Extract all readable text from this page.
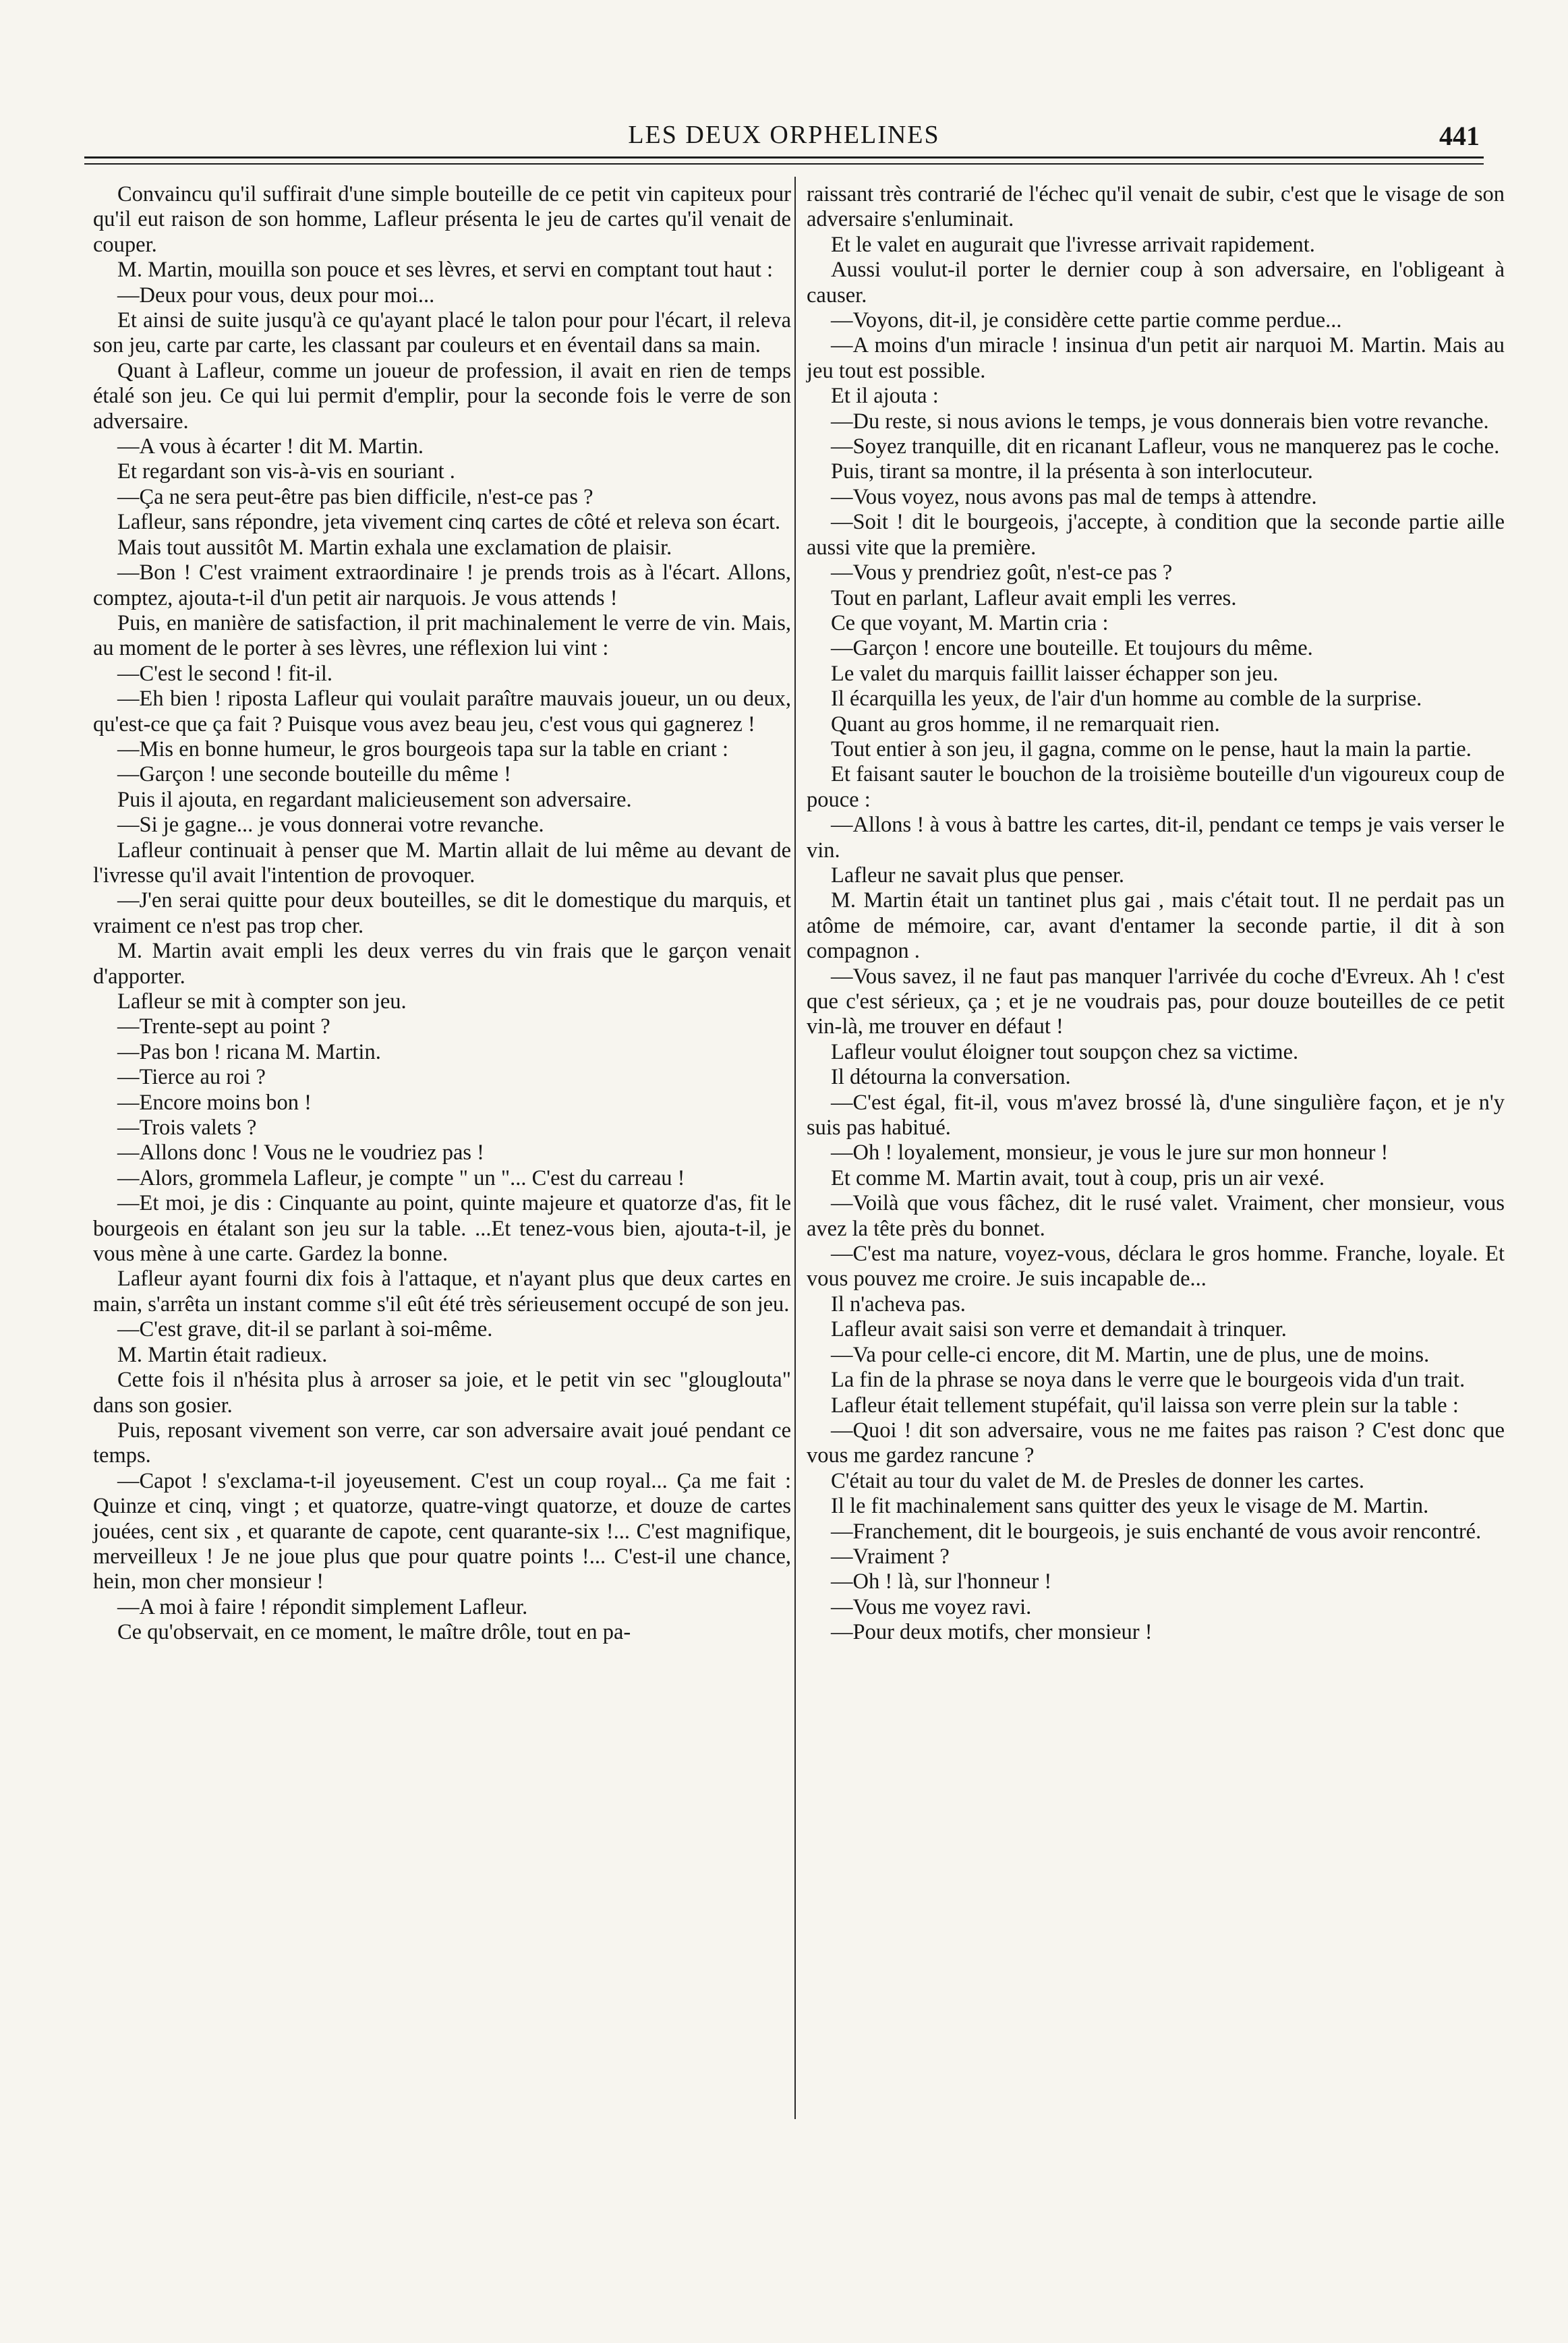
LES DEUX ORPHELINES	441
Convaincu qu'il suffirait d'une simple bouteille de ce petit vin capiteux pour qu'il eut raison de son homme, Lafleur présenta le jeu de cartes qu'il venait de couper.
M. Martin, mouilla son pouce et ses lèvres, et servi en comptant tout haut :
—Deux pour vous, deux pour moi...
Et ainsi de suite jusqu'à ce qu'ayant placé le talon pour pour l'écart, il releva son jeu, carte par carte, les classant par couleurs et en éventail dans sa main.
Quant à Lafleur, comme un joueur de profession, il avait en rien de temps étalé son jeu. Ce qui lui permit d'emplir, pour la seconde fois le verre de son adversaire.
—A vous à écarter ! dit M. Martin.
Et regardant son vis-à-vis en souriant .
—Ça ne sera peut-être pas bien difficile, n'est-ce pas ?
Lafleur, sans répondre, jeta vivement cinq cartes de côté et releva son écart.
Mais tout aussitôt M. Martin exhala une exclamation de plaisir.
—Bon ! C'est vraiment extraordinaire ! je prends trois as à l'écart. Allons, comptez, ajouta-t-il d'un petit air narquois. Je vous attends !
Puis, en manière de satisfaction, il prit machinalement le verre de vin. Mais, au moment de le porter à ses lèvres, une réflexion lui vint :
—C'est le second ! fit-il.
—Eh bien ! riposta Lafleur qui voulait paraître mauvais joueur, un ou deux, qu'est-ce que ça fait ? Puisque vous avez beau jeu, c'est vous qui gagnerez !
—Mis en bonne humeur, le gros bourgeois tapa sur la table en criant :
—Garçon ! une seconde bouteille du même !
Puis il ajouta, en regardant malicieusement son adversaire.
—Si je gagne... je vous donnerai votre revanche.
Lafleur continuait à penser que M. Martin allait de lui même au devant de l'ivresse qu'il avait l'intention de provoquer.
—J'en serai quitte pour deux bouteilles, se dit le domestique du marquis, et vraiment ce n'est pas trop cher.
M. Martin avait empli les deux verres du vin frais que le garçon venait d'apporter.
Lafleur se mit à compter son jeu.
—Trente-sept au point ?
—Pas bon ! ricana M. Martin.
—Tierce au roi ?
—Encore moins bon !
—Trois valets ?
—Allons donc ! Vous ne le voudriez pas !
—Alors, grommela Lafleur, je compte " un "... C'est du carreau !
—Et moi, je dis : Cinquante au point, quinte majeure et quatorze d'as, fit le bourgeois en étalant son jeu sur la table. ...Et tenez-vous bien, ajouta-t-il, je vous mène à une carte. Gardez la bonne.
Lafleur ayant fourni dix fois à l'attaque, et n'ayant plus que deux cartes en main, s'arrêta un instant comme s'il eût été très sérieusement occupé de son jeu.
—C'est grave, dit-il se parlant à soi-même.
M. Martin était radieux.
Cette fois il n'hésita plus à arroser sa joie, et le petit vin sec "glouglouta" dans son gosier.
Puis, reposant vivement son verre, car son adversaire avait joué pendant ce temps.
—Capot ! s'exclama-t-il joyeusement. C'est un coup royal... Ça me fait : Quinze et cinq, vingt ; et quatorze, quatre-vingt quatorze, et douze de cartes jouées, cent six , et quarante de capote, cent quarante-six !... C'est magnifique, merveilleux ! Je ne joue plus que pour quatre points !... C'est-il une chance, hein, mon cher monsieur !
—A moi à faire ! répondit simplement Lafleur.
Ce qu'observait, en ce moment, le maître drôle, tout en pa-
raissant très contrarié de l'échec qu'il venait de subir, c'est que le visage de son adversaire s'enluminait.
Et le valet en augurait que l'ivresse arrivait rapidement.
Aussi voulut-il porter le dernier coup à son adversaire, en l'obligeant à causer.
—Voyons, dit-il, je considère cette partie comme perdue...
—A moins d'un miracle ! insinua d'un petit air narquoi M. Martin. Mais au jeu tout est possible.
Et il ajouta :
—Du reste, si nous avions le temps, je vous donnerais bien votre revanche.
—Soyez tranquille, dit en ricanant Lafleur, vous ne manquerez pas le coche.
Puis, tirant sa montre, il la présenta à son interlocuteur.
—Vous voyez, nous avons pas mal de temps à attendre.
—Soit ! dit le bourgeois, j'accepte, à condition que la seconde partie aille aussi vite que la première.
—Vous y prendriez goût, n'est-ce pas ?
Tout en parlant, Lafleur avait empli les verres.
Ce que voyant, M. Martin cria :
—Garçon ! encore une bouteille. Et toujours du même.
Le valet du marquis faillit laisser échapper son jeu.
Il écarquilla les yeux, de l'air d'un homme au comble de la surprise.
Quant au gros homme, il ne remarquait rien.
Tout entier à son jeu, il gagna, comme on le pense, haut la main la partie.
Et faisant sauter le bouchon de la troisième bouteille d'un vigoureux coup de pouce :
—Allons ! à vous à battre les cartes, dit-il, pendant ce temps je vais verser le vin.
Lafleur ne savait plus que penser.
M. Martin était un tantinet plus gai , mais c'était tout. Il ne perdait pas un atôme de mémoire, car, avant d'entamer la seconde partie, il dit à son compagnon .
—Vous savez, il ne faut pas manquer l'arrivée du coche d'Evreux. Ah ! c'est que c'est sérieux, ça ; et je ne voudrais pas, pour douze bouteilles de ce petit vin-là, me trouver en défaut !
Lafleur voulut éloigner tout soupçon chez sa victime.
Il détourna la conversation.
—C'est égal, fit-il, vous m'avez brossé là, d'une singulière façon, et je n'y suis pas habitué.
—Oh ! loyalement, monsieur, je vous le jure sur mon honneur !
Et comme M. Martin avait, tout à coup, pris un air vexé.
—Voilà que vous fâchez, dit le rusé valet. Vraiment, cher monsieur, vous avez la tête près du bonnet.
—C'est ma nature, voyez-vous, déclara le gros homme. Franche, loyale. Et vous pouvez me croire. Je suis incapable de...
Il n'acheva pas.
Lafleur avait saisi son verre et demandait à trinquer.
—Va pour celle-ci encore, dit M. Martin, une de plus, une de moins.
La fin de la phrase se noya dans le verre que le bourgeois vida d'un trait.
Lafleur était tellement stupéfait, qu'il laissa son verre plein sur la table :
—Quoi ! dit son adversaire, vous ne me faites pas raison ? C'est donc que vous me gardez rancune ?
C'était au tour du valet de M. de Presles de donner les cartes.
Il le fit machinalement sans quitter des yeux le visage de M. Martin.
—Franchement, dit le bourgeois, je suis enchanté de vous avoir rencontré.
—Vraiment ?
—Oh ! là, sur l'honneur !
—Vous me voyez ravi.
—Pour deux motifs, cher monsieur !
